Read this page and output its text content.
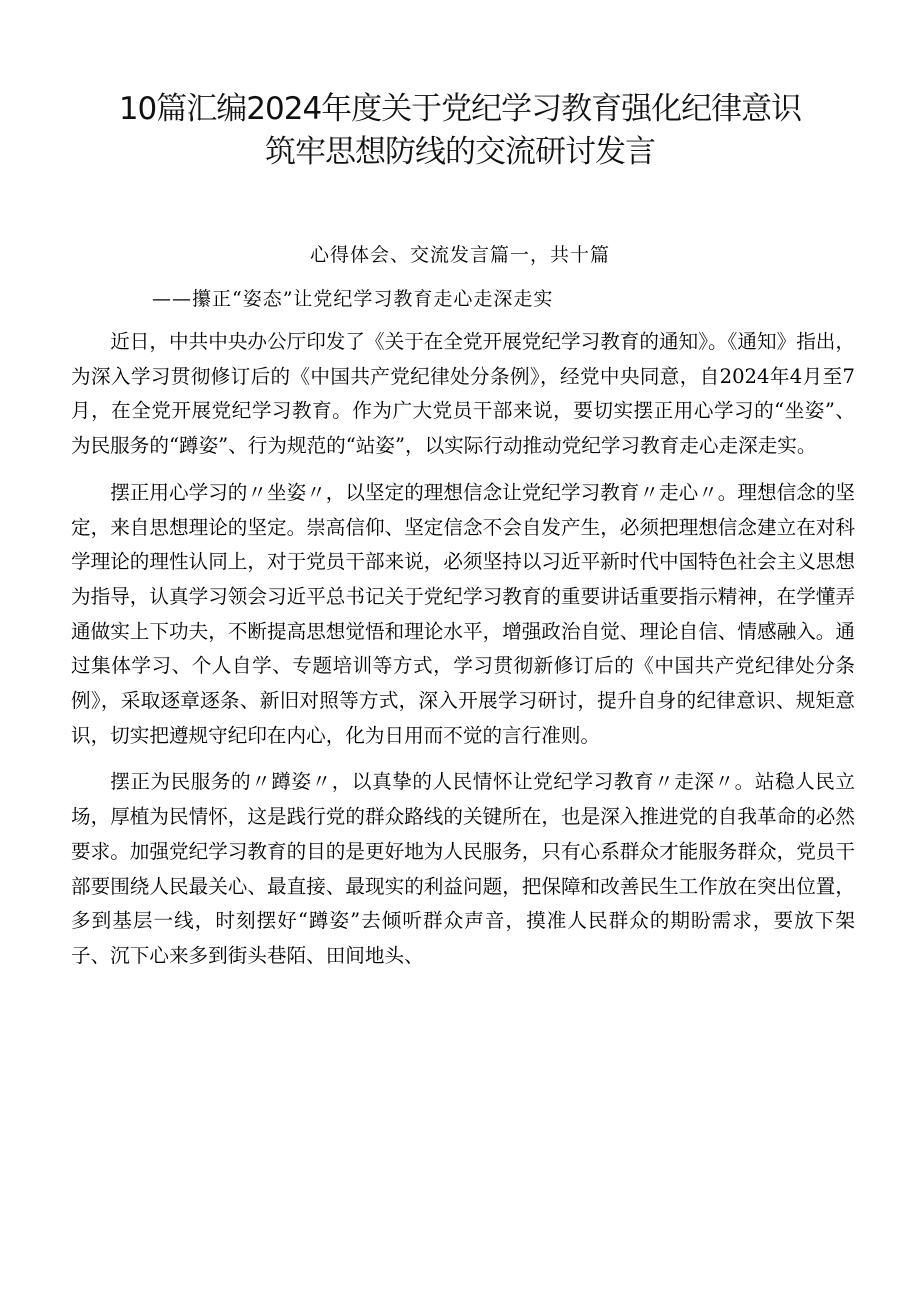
10篇汇编2024年度关于党纪学习教育强化纪律意识
筑牢思想防线的交流研讨发言
心得体会、交流发言篇一，共十篇
——攥正“姿态”让党纪学习教育走心走深走实

近日，中共中央办公厅印发了《关于在全党开展党纪学习教育的通知》。《通知》指出，为深入学习贯彻修订后的《中国共产党纪律处分条例》，经党中央同意，自2024年4月至7月，在全党开展党纪学习教育。作为广大党员干部来说，要切实摆正用心学习的“坐姿”、为民服务的“蹲姿”、行为规范的“站姿”，以实际行动推动党纪学习教育走心走深走实。

摆正用心学习的〃坐姿〃，以坚定的理想信念让党纪学习教育〃走心〃。理想信念的坚定，来自思想理论的坚定。崇高信仰、坚定信念不会自发产生，必须把理想信念建立在对科学理论的理性认同上，对于党员干部来说，必须坚持以习近平新时代中国特色社会主义思想为指导，认真学习领会习近平总书记关于党纪学习教育的重要讲话重要指示精神，在学懂弄通做实上下功夫，不断提高思想觉悟和理论水平，增强政治自觉、理论自信、情感融入。通过集体学习、个人自学、专题培训等方式，学习贯彻新修订后的《中国共产党纪律处分条例》，采取逐章逐条、新旧对照等方式，深入开展学习研讨，提升自身的纪律意识、规矩意识，切实把遵规守纪印在内心，化为日用而不觉的言行准则。

摆正为民服务的〃蹲姿〃，以真挚的人民情怀让党纪学习教育〃走深〃。站稳人民立场，厚植为民情怀，这是践行党的群众路线的关键所在，也是深入推进党的自我革命的必然要求。加强党纪学习教育的目的是更好地为人民服务，只有心系群众才能服务群众，党员干部要围绕人民最关心、最直接、最现实的利益问题，把保障和改善民生工作放在突出位置，多到基层一线，时刻摆好“蹲姿”去倾听群众声音，摸准人民群众的期盼需求，要放下架子、沉下心来多到街头巷陌、田间地头、
